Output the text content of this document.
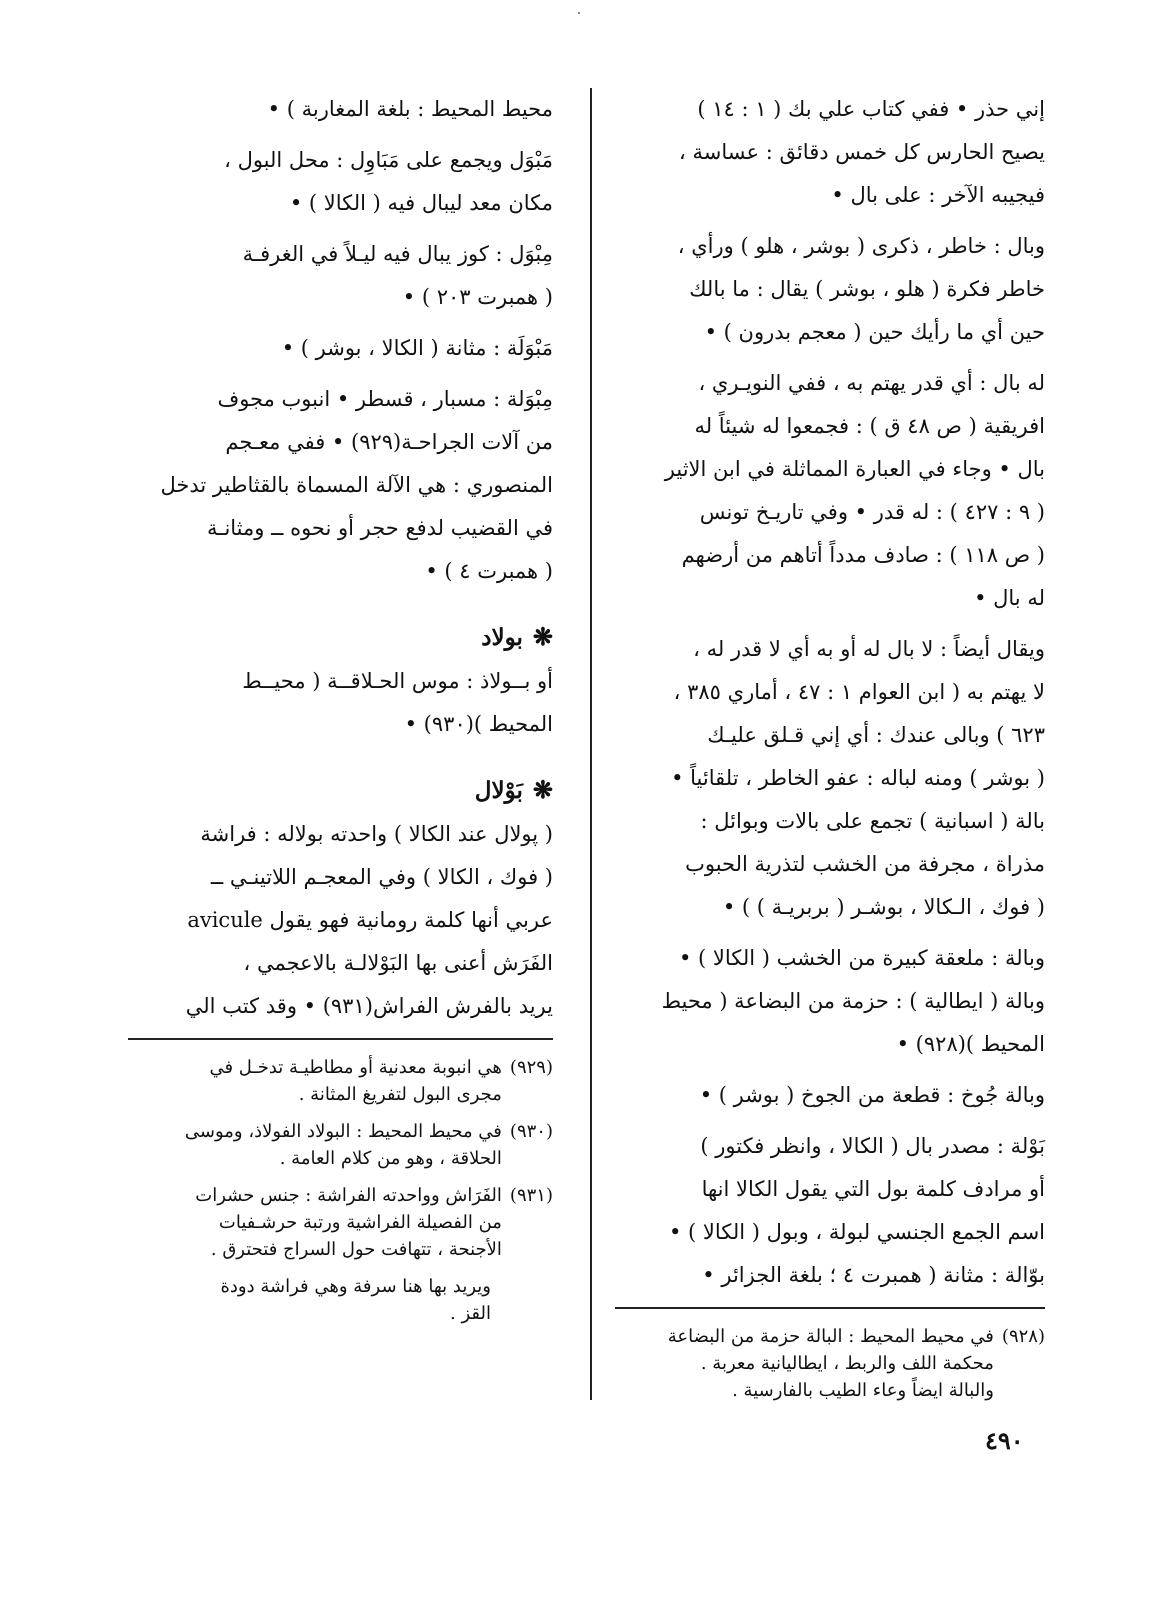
إني حذر • ففي كتاب علي بك ( ١ : ١٤ )
يصيح الحارس كل خمس دقائق : عساسة ،
فيجيبه الآخر : على بال •

وبال : خاطر ، ذكرى ( بوشر ، هلو ) ورأي ،
خاطر فكرة ( هلو ، بوشر ) يقال : ما بالك
حين أي ما رأيك حين ( معجم بدرون ) •

له بال : أي قدر يهتم به ، ففي النويـري ،
افريقية ( ص ٤٨ ق ) : فجمعوا له شيئاً له
بال • وجاء في العبارة المماثلة في ابن الاثير
( ٩ : ٤٢٧ ) : له قدر • وفي تاريـخ تونس
( ص ١١٨ ) : صادف مدداً أتاهم من أرضهم
له بال •

ويقال أيضاً : لا بال له أو به أي لا قدر له ،
لا يهتم به ( ابن العوام ١ : ٤٧ ، أماري ٣٨٥ ،
٦٢٣ ) وبالى عندك : أي إني قـلق عليـك
( بوشر ) ومنه لباله : عفو الخاطر ، تلقائياً •
بالة ( اسبانية ) تجمع على بالات وبوائل :
مذراة ، مجرفة من الخشب لتذرية الحبوب
( فوك ، الـكالا ، بوشـر ( بربريـة ) ) •

وبالة : ملعقة كبيرة من الخشب ( الكالا ) •
وبالة ( ايطالية ) : حزمة من البضاعة ( محيط
المحيط )(٩٢٨) •

وبالة جُوخ : قطعة من الجوخ ( بوشر ) •

بَوْلة : مصدر بال ( الكالا ، وانظر فكتور )
أو مرادف كلمة بول التي يقول الكالا انها
اسم الجمع الجنسي لبولة ، وبول ( الكالا ) •
بوّالة : مثانة ( همبرت ٤ ؛ بلغة الجزائر •

(٩٢٨)
في محيط المحيط : البالة حزمة من البضاعة
محكمة اللف والربط ، ايطاليانية معربة .
والبالة ايضاً وعاء الطيب بالفارسية .

محيط المحيط : بلغة المغاربة ) •

مَبْوَل ويجمع على مَبَاوِل : محل البول ،
مكان معد ليبال فيه ( الكالا ) •

مِبْوَل : كوز يبال فيه ليـلاً في الغرفـة
( همبرت ٢٠٣ ) •

مَبْوَلَة : مثانة ( الكالا ، بوشر ) •

مِبْوَلة : مسبار ، قسطر • انبوب مجوف
من آلات الجراحـة(٩٢٩) • ففي معـجم
المنصوري : هي الآلة المسماة بالقثاطير تدخل
في القضيب لدفع حجر أو نحوه ــ ومثانـة
( همبرت ٤ ) •

❋بولاد

أو بــولاذ : موس الحـلاقــة ( محيــط
المحيط )(٩٣٠) •

❋بَوْلال

( پولال عند الكالا ) واحدته بولاله : فراشة
( فوك ، الكالا ) وفي المعجـم اللاتينـي ــ
عربي أنها كلمة رومانية فهو يقول avicule
الفَرَش أعنى بها البَوْلالـة بالاعجمي ،
يريد بالفرش الفراش(٩٣١) • وقد كتب الي

(٩٢٩)
هي انبوبة معدنية أو مطاطيـة تدخـل في
مجرى البول لتفريغ المثانة .
(٩٣٠)
في محيط المحيط : البولاد الفولاذ، وموسى
الحلاقة ، وهو من كلام العامة .
(٩٣١)
الفَرَاش وواحدته الفراشة : جنس حشرات
من الفصيلة الفراشية ورتبة حرشـفيات
الأجنحة ، تتهافت حول السراج فتحترق .
ويريد بها هنا سرفة وهي فراشة دودة
القز .
٤٩٠
